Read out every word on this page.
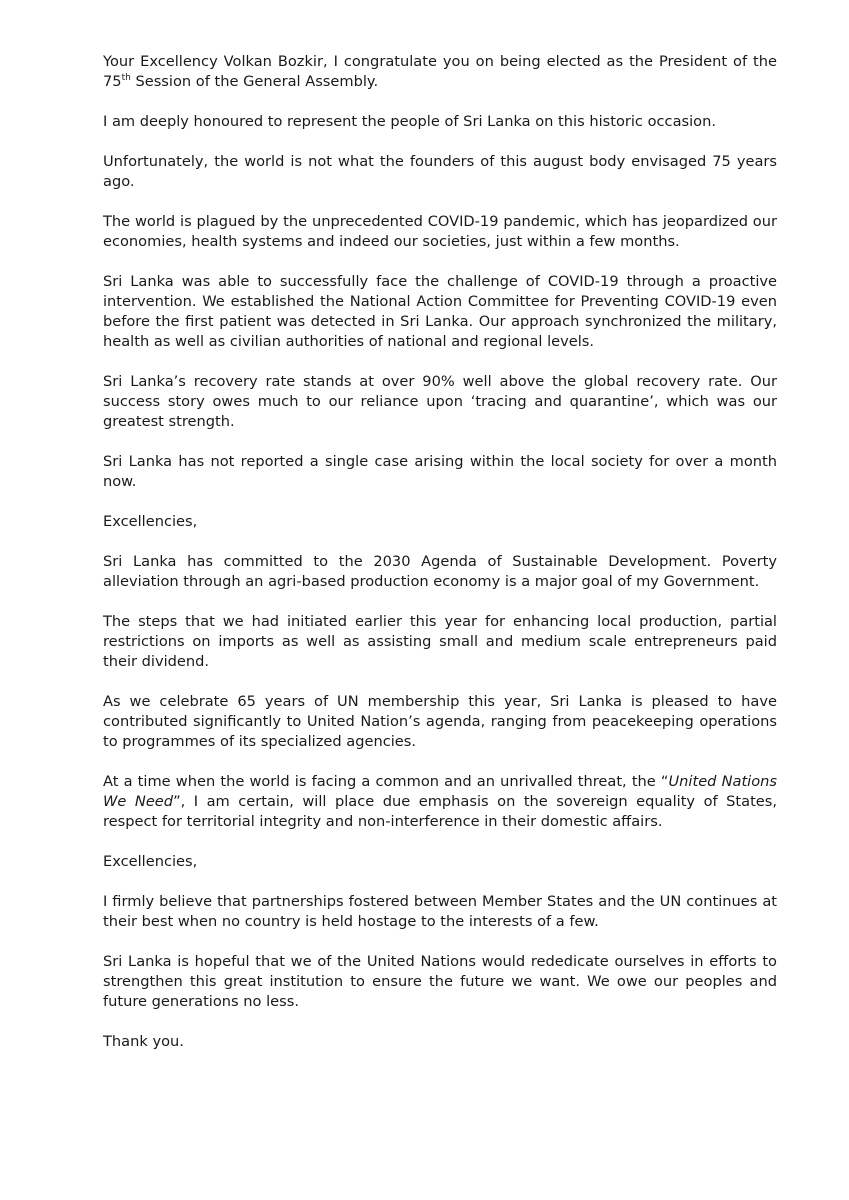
Your Excellency Volkan Bozkir, I congratulate you on being elected as the President of the 75th Session of the General Assembly.

I am deeply honoured to represent the people of Sri Lanka on this historic occasion.

Unfortunately, the world is not what the founders of this august body envisaged 75 years ago.

The world is plagued by the unprecedented COVID-19 pandemic, which has jeopardized our economies, health systems and indeed our societies, just within a few months.

Sri Lanka was able to successfully face the challenge of COVID-19 through a proactive intervention. We established the National Action Committee for Preventing COVID-19 even before the first patient was detected in Sri Lanka. Our approach synchronized the military, health as well as civilian authorities of national and regional levels.

Sri Lanka’s recovery rate stands at over 90% well above the global recovery rate. Our success story owes much to our reliance upon ‘tracing and quarantine’, which was our greatest strength.

Sri Lanka has not reported a single case arising within the local society for over a month now.

Excellencies,

Sri Lanka has committed to the 2030 Agenda of Sustainable Development. Poverty alleviation through an agri-based production economy is a major goal of my Government.

The steps that we had initiated earlier this year for enhancing local production, partial restrictions on imports as well as assisting small and medium scale entrepreneurs paid their dividend.

As we celebrate 65 years of UN membership this year, Sri Lanka is pleased to have contributed significantly to United Nation’s agenda, ranging from peacekeeping operations to programmes of its specialized agencies.

At a time when the world is facing a common and an unrivalled threat, the “United Nations We Need”, I am certain, will place due emphasis on the sovereign equality of States, respect for territorial integrity and non-interference in their domestic affairs.

Excellencies,

I firmly believe that partnerships fostered between Member States and the UN continues at their best when no country is held hostage to the interests of a few.

Sri Lanka is hopeful that we of the United Nations would rededicate ourselves in efforts to strengthen this great institution to ensure the future we want. We owe our peoples and future generations no less.

Thank you.
